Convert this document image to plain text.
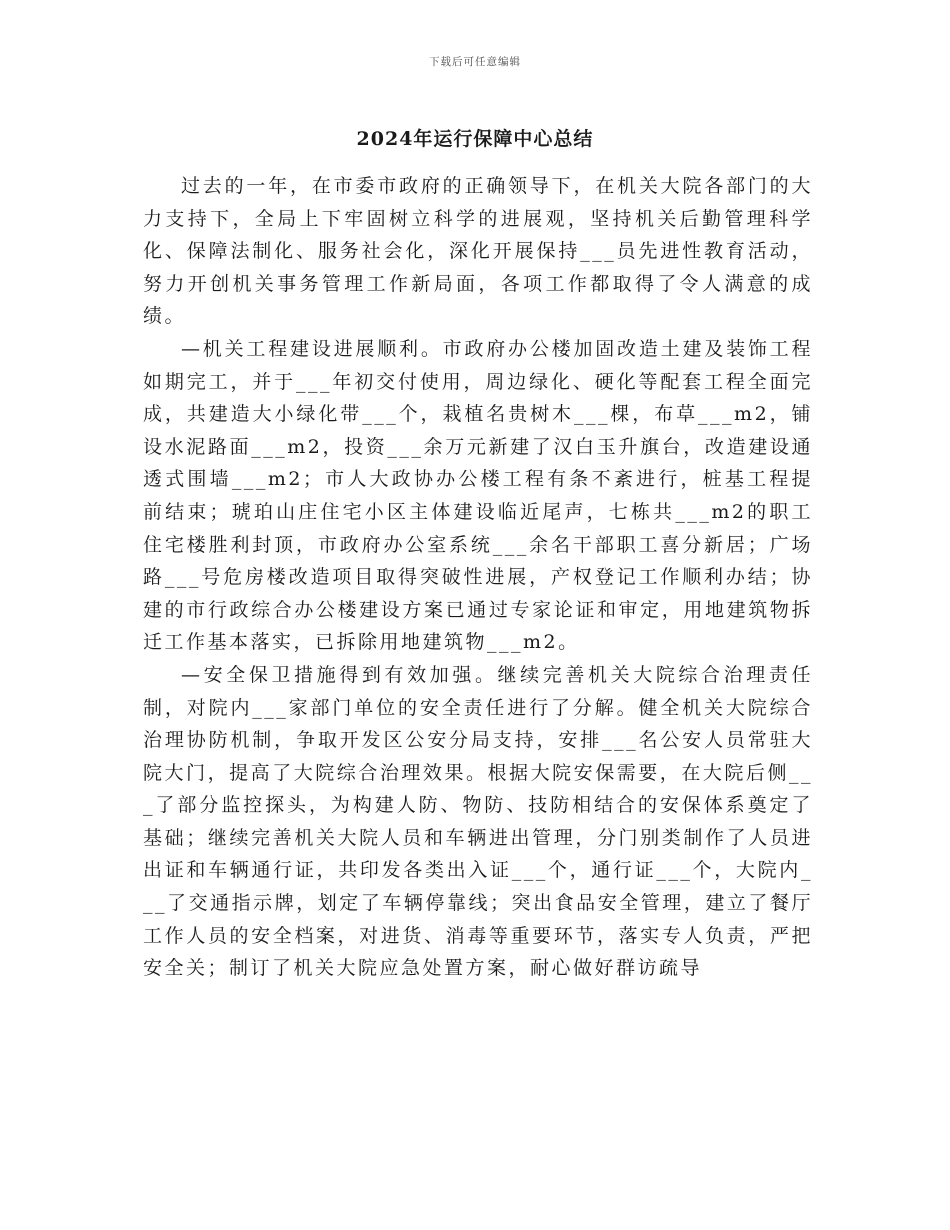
下载后可任意编辑
2024年运行保障中心总结

过去的一年，在市委市政府的正确领导下，在机关大院各部门的大力支持下，全局上下牢固树立科学的进展观，坚持机关后勤管理科学化、保障法制化、服务社会化，深化开展保持___员先进性教育活动，努力开创机关事务管理工作新局面，各项工作都取得了令人满意的成绩。

—机关工程建设进展顺利。市政府办公楼加固改造土建及装饰工程如期完工，并于___年初交付使用，周边绿化、硬化等配套工程全面完成，共建造大小绿化带___个，栽植名贵树木___棵，布草___m2，铺设水泥路面___m2，投资___余万元新建了汉白玉升旗台，改造建设通透式围墙___m2；市人大政协办公楼工程有条不紊进行，桩基工程提前结束；琥珀山庄住宅小区主体建设临近尾声，七栋共___m2的职工住宅楼胜利封顶，市政府办公室系统___余名干部职工喜分新居；广场路___号危房楼改造项目取得突破性进展，产权登记工作顺利办结；协建的市行政综合办公楼建设方案已通过专家论证和审定，用地建筑物拆迁工作基本落实，已拆除用地建筑物___m2。

—安全保卫措施得到有效加强。继续完善机关大院综合治理责任制，对院内___家部门单位的安全责任进行了分解。健全机关大院综合治理协防机制，争取开发区公安分局支持，安排___名公安人员常驻大院大门，提高了大院综合治理效果。根据大院安保需要，在大院后侧___了部分监控探头，为构建人防、物防、技防相结合的安保体系奠定了基础；继续完善机关大院人员和车辆进出管理，分门别类制作了人员进出证和车辆通行证，共印发各类出入证___个，通行证___个，大院内___了交通指示牌，划定了车辆停靠线；突出食品安全管理，建立了餐厅工作人员的安全档案，对进货、消毒等重要环节，落实专人负责，严把安全关；制订了机关大院应急处置方案，耐心做好群访疏导
